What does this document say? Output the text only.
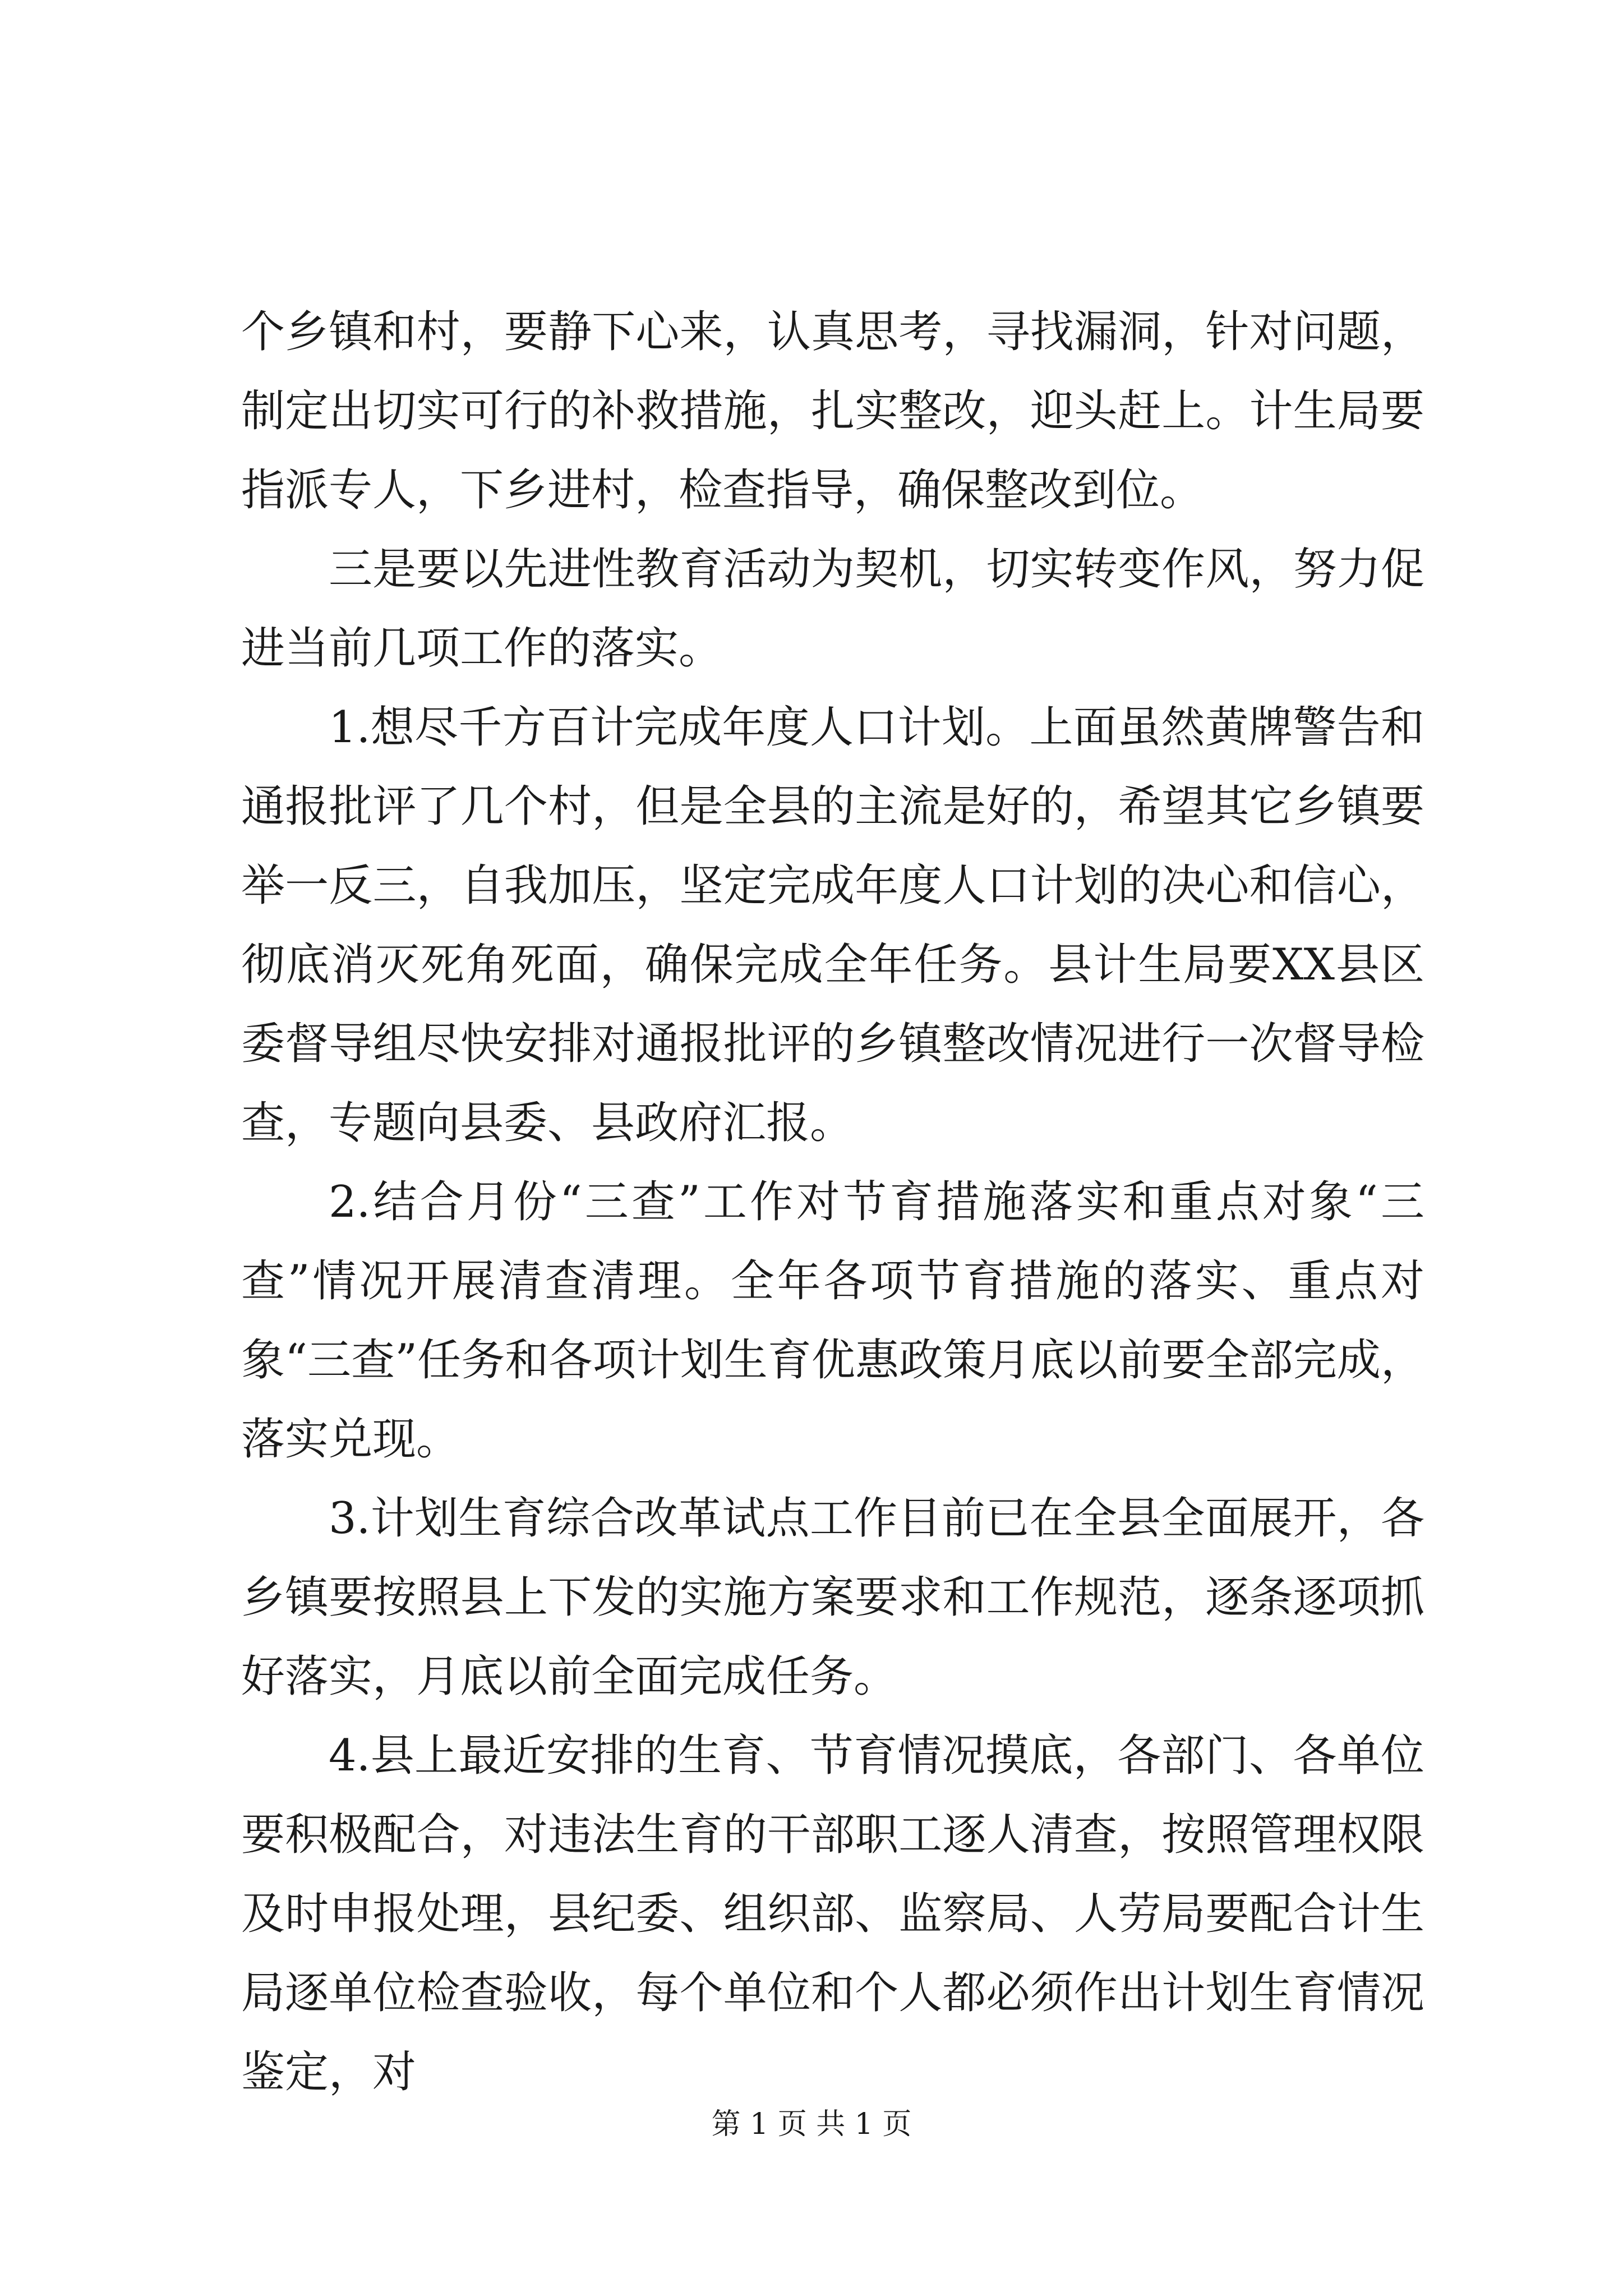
个乡镇和村，要静下心来，认真思考，寻找漏洞，针对问题，制定出切实可行的补救措施，扎实整改，迎头赶上。计生局要指派专人，下乡进村，检查指导，确保整改到位。

三是要以先进性教育活动为契机，切实转变作风，努力促进当前几项工作的落实。

1.想尽千方百计完成年度人口计划。上面虽然黄牌警告和通报批评了几个村，但是全县的主流是好的，希望其它乡镇要举一反三，自我加压，坚定完成年度人口计划的决心和信心，彻底消灭死角死面，确保完成全年任务。县计生局要XX县区委督导组尽快安排对通报批评的乡镇整改情况进行一次督导检查，专题向县委、县政府汇报。

2.结合月份“三查”工作对节育措施落实和重点对象“三查”情况开展清查清理。全年各项节育措施的落实、重点对象“三查”任务和各项计划生育优惠政策月底以前要全部完成，落实兑现。

3.计划生育综合改革试点工作目前已在全县全面展开，各乡镇要按照县上下发的实施方案要求和工作规范，逐条逐项抓好落实，月底以前全面完成任务。

4.县上最近安排的生育、节育情况摸底，各部门、各单位要积极配合，对违法生育的干部职工逐人清查，按照管理权限及时申报处理，县纪委、组织部、监察局、人劳局要配合计生局逐单位检查验收，每个单位和个人都必须作出计划生育情况鉴定，对

第 1 页 共 1 页
